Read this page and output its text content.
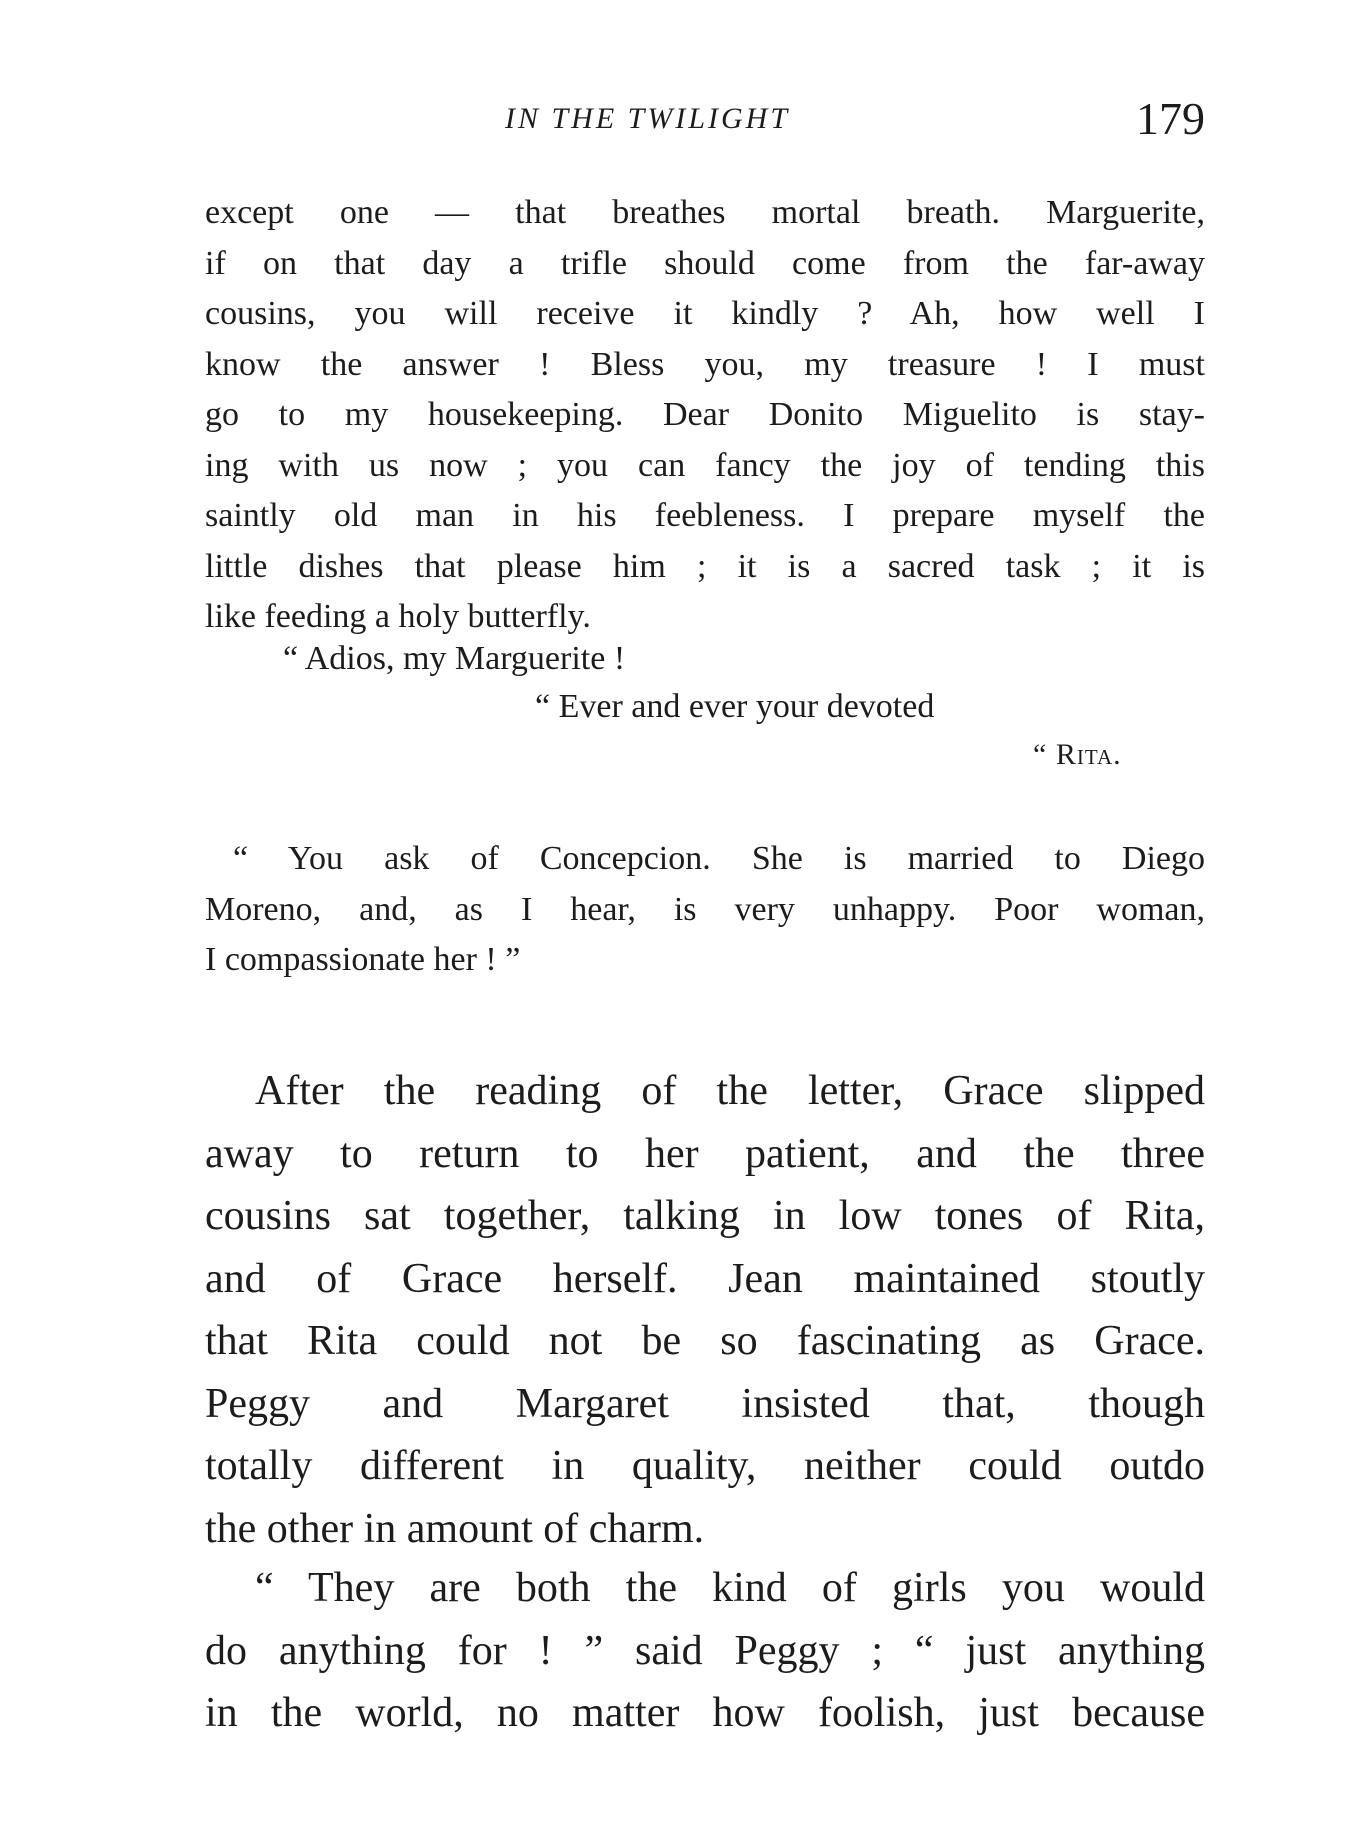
IN THE TWILIGHT	179
except one — that breathes mortal breath. Marguerite,
if on that day a trifle should come from the far-away
cousins, you will receive it kindly ? Ah, how well I
know the answer ! Bless you, my treasure ! I must
go to my housekeeping. Dear Donito Miguelito is stay-
ing with us now ; you can fancy the joy of tending this
saintly old man in his feebleness. I prepare myself the
little dishes that please him ; it is a sacred task ; it is
like feeding a holy butterfly.
“ Adios, my Marguerite !
“ Ever and ever your devoted
“ Rita.
“ You ask of Concepcion. She is married to Diego
Moreno, and, as I hear, is very unhappy. Poor woman,
I compassionate her ! ”
After the reading of the letter, Grace slipped
away to return to her patient, and the three
cousins sat together, talking in low tones of Rita,
and of Grace herself. Jean maintained stoutly
that Rita could not be so fascinating as Grace.
Peggy and Margaret insisted that, though
totally different in quality, neither could outdo
the other in amount of charm.
“ They are both the kind of girls you would
do anything for ! ” said Peggy ; “ just anything
in the world, no matter how foolish, just because
